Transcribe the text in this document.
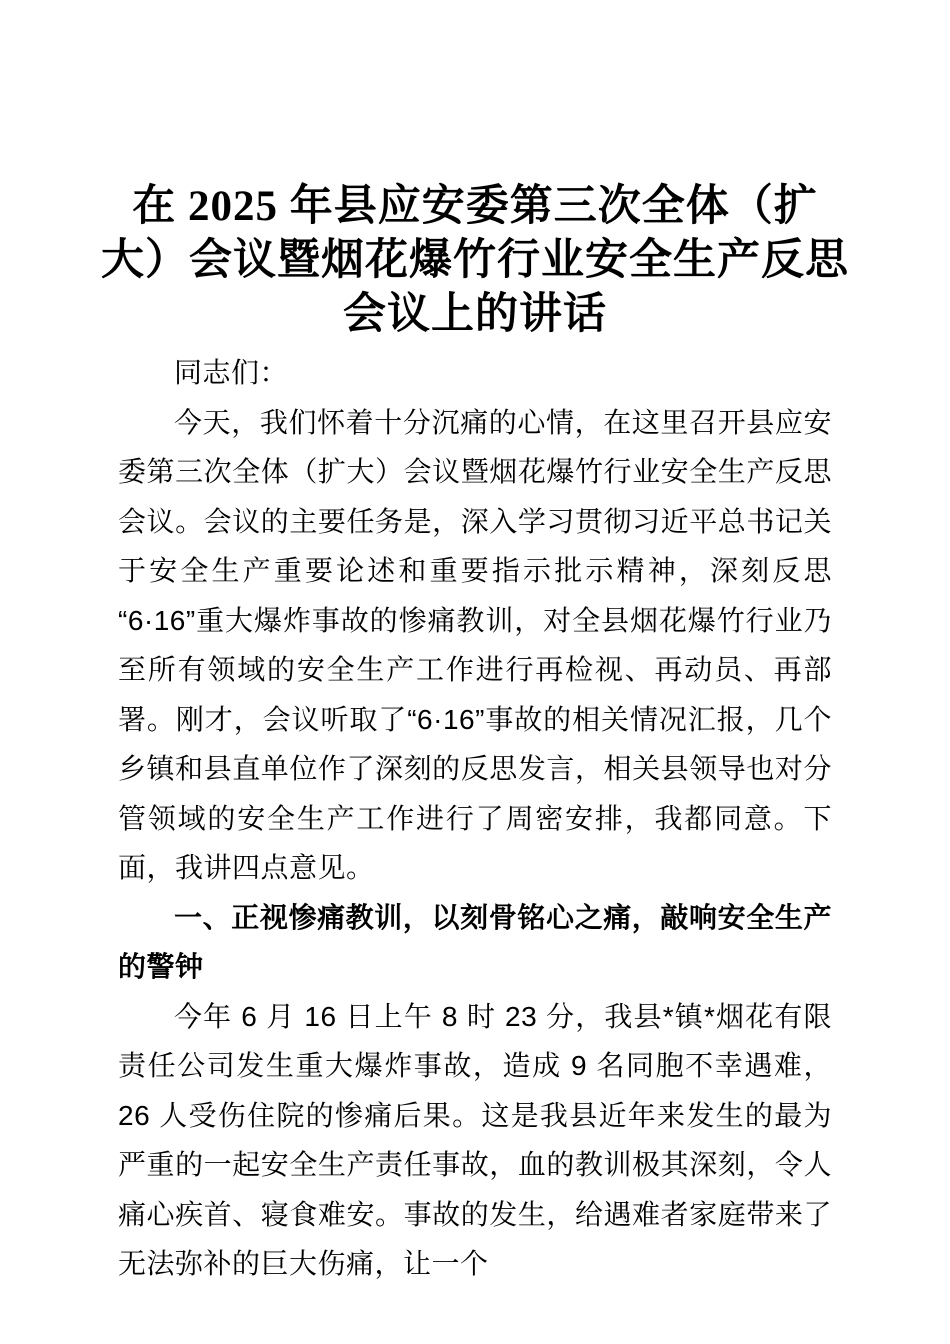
在 2025 年县应安委第三次全体（扩
大）会议暨烟花爆竹行业安全生产反思
会议上的讲话

同志们：

今天，我们怀着十分沉痛的心情，在这里召开县应安委第三次全体（扩大）会议暨烟花爆竹行业安全生产反思会议。会议的主要任务是，深入学习贯彻习近平总书记关于安全生产重要论述和重要指示批示精神，深刻反思“6·16”重大爆炸事故的惨痛教训，对全县烟花爆竹行业乃至所有领域的安全生产工作进行再检视、再动员、再部署。刚才，会议听取了“6·16”事故的相关情况汇报，几个乡镇和县直单位作了深刻的反思发言，相关县领导也对分管领域的安全生产工作进行了周密安排，我都同意。下面，我讲四点意见。

一、正视惨痛教训，以刻骨铭心之痛，敲响安全生产的警钟

今年 6 月 16 日上午 8 时 23 分，我县*镇*烟花有限责任公司发生重大爆炸事故，造成 9 名同胞不幸遇难，26 人受伤住院的惨痛后果。这是我县近年来发生的最为严重的一起安全生产责任事故，血的教训极其深刻，令人痛心疾首、寝食难安。事故的发生，给遇难者家庭带来了无法弥补的巨大伤痛，让一个
